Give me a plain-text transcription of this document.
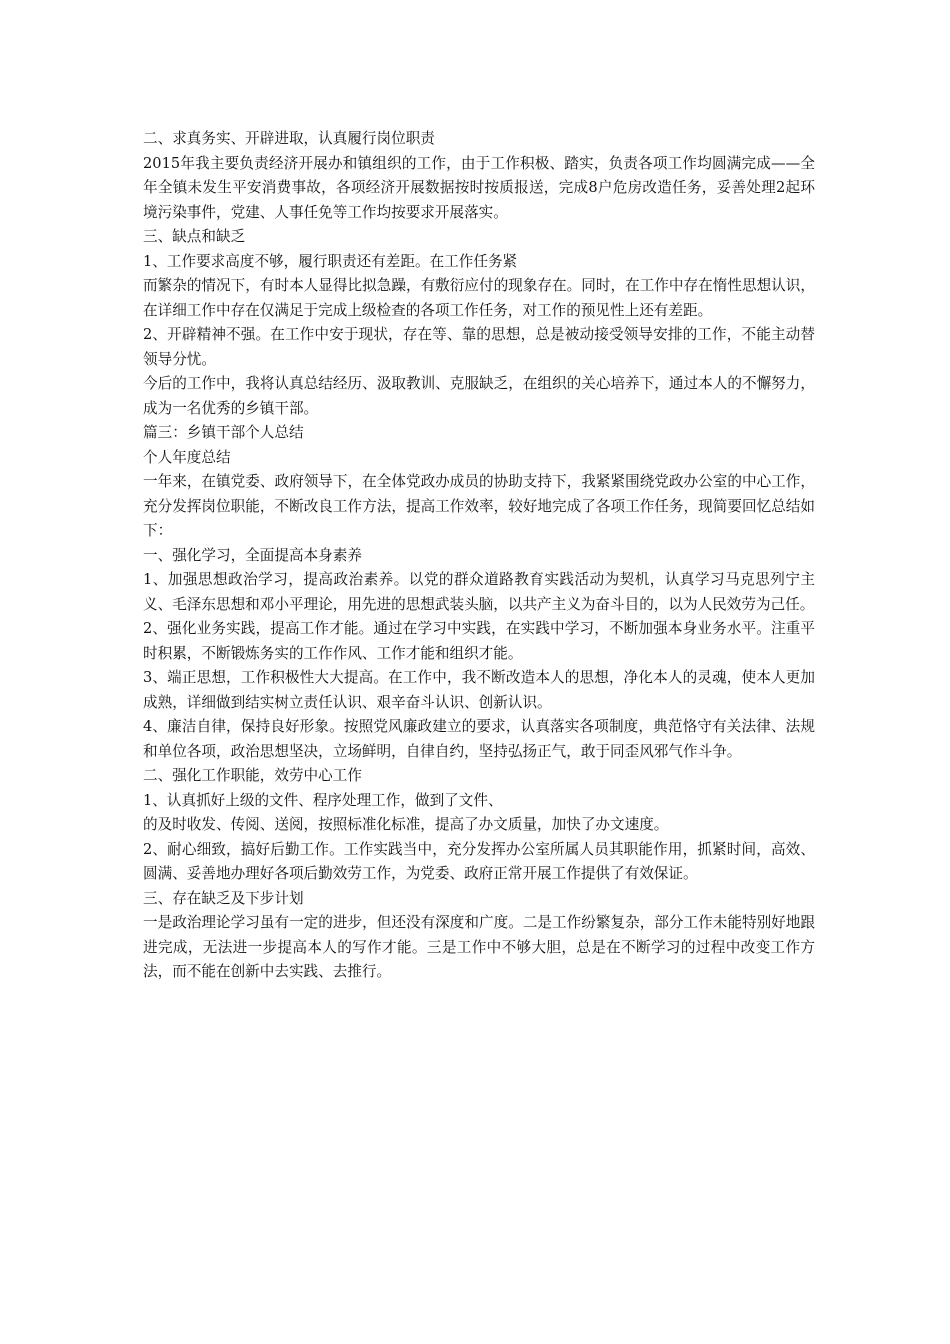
二、求真务实、开辟进取，认真履行岗位职责

2015年我主要负责经济开展办和镇组织的工作，由于工作积极、踏实，负责各项工作均圆满完成——全年全镇未发生平安消费事故，各项经济开展数据按时按质报送，完成8户危房改造任务，妥善处理2起环境污染事件，党建、人事任免等工作均按要求开展落实。

三、缺点和缺乏

1、工作要求高度不够，履行职责还有差距。在工作任务紧

而繁杂的情况下，有时本人显得比拟急躁，有敷衍应付的现象存在。同时，在工作中存在惰性思想认识，在详细工作中存在仅满足于完成上级检查的各项工作任务，对工作的预见性上还有差距。

2、开辟精神不强。在工作中安于现状，存在等、靠的思想，总是被动接受领导安排的工作，不能主动替领导分忧。

今后的工作中，我将认真总结经历、汲取教训、克服缺乏，在组织的关心培养下，通过本人的不懈努力，成为一名优秀的乡镇干部。

篇三：乡镇干部个人总结

个人年度总结

一年来，在镇党委、政府领导下，在全体党政办成员的协助支持下，我紧紧围绕党政办公室的中心工作，充分发挥岗位职能，不断改良工作方法，提高工作效率，较好地完成了各项工作任务，现简要回忆总结如下：

一、强化学习，全面提高本身素养

1、加强思想政治学习，提高政治素养。以党的群众道路教育实践活动为契机，认真学习马克思列宁主义、毛泽东思想和邓小平理论，用先进的思想武装头脑，以共产主义为奋斗目的，以为人民效劳为己任。

2、强化业务实践，提高工作才能。通过在学习中实践，在实践中学习，不断加强本身业务水平。注重平时积累，不断锻炼务实的工作作风、工作才能和组织才能。

3、端正思想，工作积极性大大提高。在工作中，我不断改造本人的思想，净化本人的灵魂，使本人更加成熟，详细做到结实树立责任认识、艰辛奋斗认识、创新认识。

4、廉洁自律，保持良好形象。按照党风廉政建立的要求，认真落实各项制度，典范恪守有关法律、法规和单位各项，政治思想坚决，立场鲜明，自律自约，坚持弘扬正气，敢于同歪风邪气作斗争。

二、强化工作职能，效劳中心工作

1、认真抓好上级的文件、程序处理工作，做到了文件、

的及时收发、传阅、送阅，按照标准化标准，提高了办文质量，加快了办文速度。

2、耐心细致，搞好后勤工作。工作实践当中，充分发挥办公室所属人员其职能作用，抓紧时间，高效、圆满、妥善地办理好各项后勤效劳工作，为党委、政府正常开展工作提供了有效保证。

三、存在缺乏及下步计划

一是政治理论学习虽有一定的进步，但还没有深度和广度。二是工作纷繁复杂，部分工作未能特别好地跟进完成，无法进一步提高本人的写作才能。三是工作中不够大胆，总是在不断学习的过程中改变工作方法，而不能在创新中去实践、去推行。
